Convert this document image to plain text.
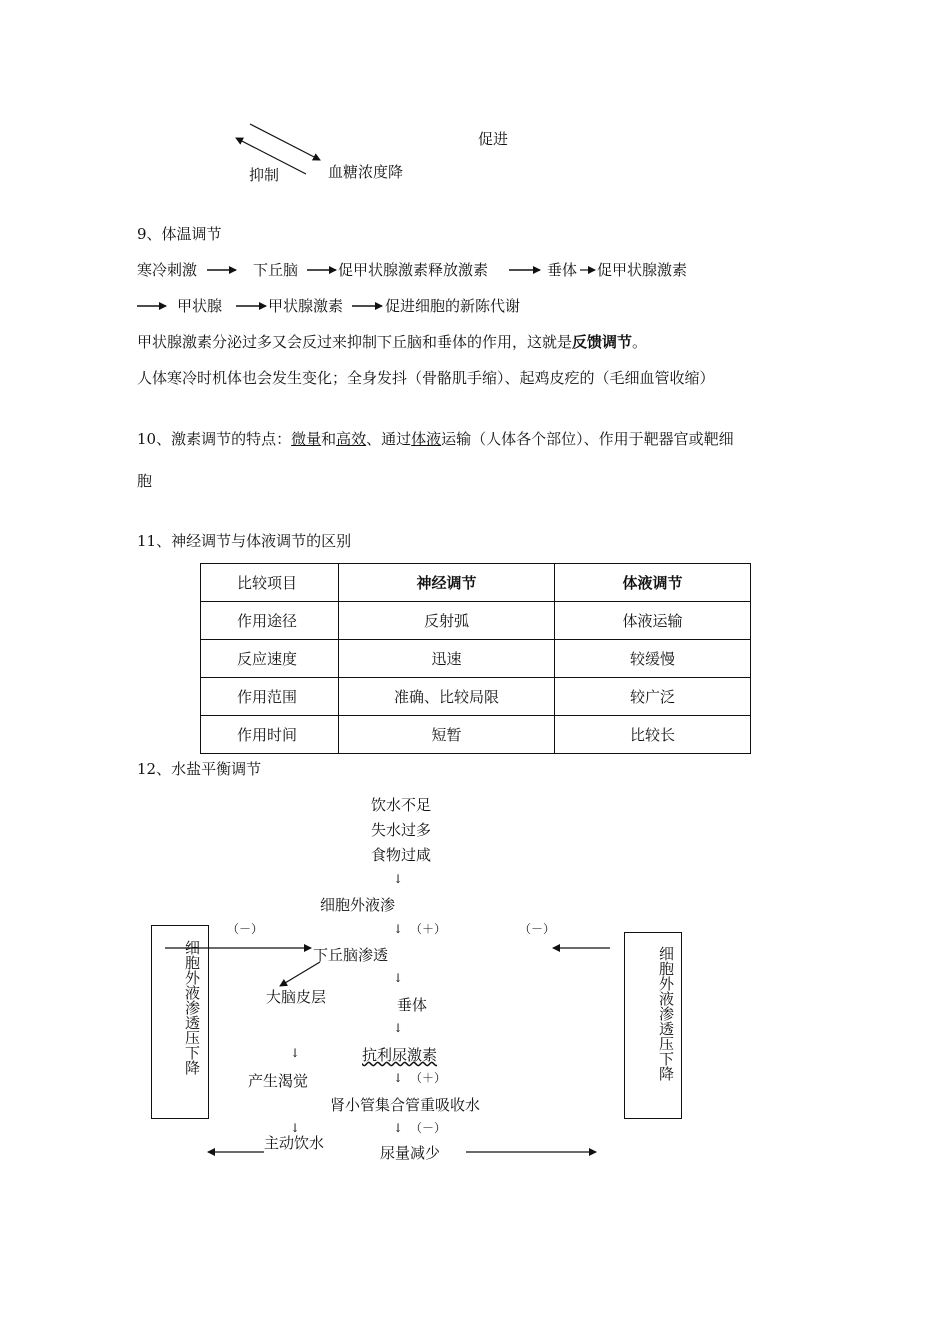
促进
抑制	血糖浓度降
9、体温调节
寒冷刺激	下丘脑	促甲状腺激素释放激素	垂体 促甲状腺激素
甲状腺	甲状腺激素	促进细胞的新陈代谢
甲状腺激素分泌过多又会反过来抑制下丘脑和垂体的作用，这就是反馈调节。
人体寒冷时机体也会发生变化；全身发抖（骨骼肌手缩）、起鸡皮疙的（毛细血管收缩）
10、激素调节的特点：微量和高效、通过体液运输（人体各个部位）、作用于靶器官或靶细
胞
11、神经调节与体液调节的区别
比较项目	神经调节	体液调节
作用途径	反射弧	体液运输
反应速度	迅速	较缓慢
作用范围	准确、比较局限	较广泛
作用时间	短暂	比较长
12、水盐平衡调节
饮水不足
失水过多
食物过咸
↓
细胞外液渗
（－）	↓ （＋）	（－）
下丘脑渗透
大脑皮层
↓
垂体
↓
↓	抗利尿激素
产生渴觉	↓ （＋）
肾小管集合管重吸收水
↓	↓ （－）
主动饮水
尿量减少
细胞外液渗透压下降	细胞外液渗透压下降
